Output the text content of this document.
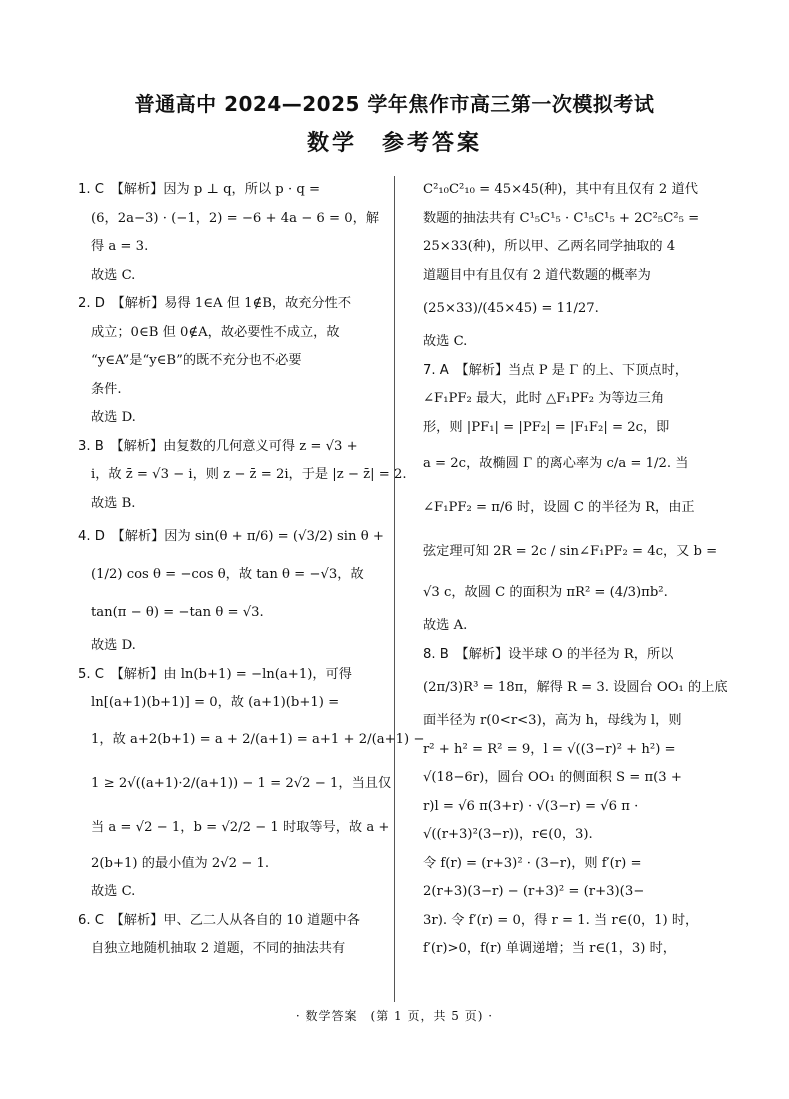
普通高中 2024—2025 学年焦作市高三第一次模拟考试
数学　参考答案
1. C　 【解析】因为 p ⊥ q，所以 p · q =
(6，2a−3) · (−1，2) = −6 + 4a − 6 = 0，解
得 a = 3.
故选 C.
2. D　 【解析】易得 1∈A 但 1∉B，故充分性不
成立；0∈B 但 0∉A，故必要性不成立，故
“y∈A”是“y∈B”的既不充分也不必要
条件.
故选 D.
3. B　 【解析】由复数的几何意义可得 z = √3 +
i，故 z̄ = √3 − i，则 z − z̄ = 2i，于是 |z − z̄| = 2.
故选 B.
4. D　 【解析】因为 sin(θ + π/6) = (√3/2) sin θ +
(1/2) cos θ = −cos θ，故 tan θ = −√3，故
tan(π − θ) = −tan θ = √3.
故选 D.
5. C　 【解析】由 ln(b+1) = −ln(a+1)，可得
ln[(a+1)(b+1)] = 0，故 (a+1)(b+1) =
1，故 a+2(b+1) = a + 2/(a+1) = a+1 + 2/(a+1) −
1 ≥ 2√((a+1)·2/(a+1)) − 1 = 2√2 − 1，当且仅
当 a = √2 − 1，b = √2/2 − 1 时取等号，故 a +
2(b+1) 的最小值为 2√2 − 1.
故选 C.
6. C　 【解析】甲、乙二人从各自的 10 道题中各
自独立地随机抽取 2 道题，不同的抽法共有
C²₁₀C²₁₀ = 45×45(种)，其中有且仅有 2 道代
数题的抽法共有 C¹₅C¹₅ · C¹₅C¹₅ + 2C²₅C²₅ =
25×33(种)，所以甲、乙两名同学抽取的 4
道题目中有且仅有 2 道代数题的概率为
(25×33)/(45×45) = 11/27.
故选 C.
7. A　 【解析】当点 P 是 Γ 的上、下顶点时，
∠F₁PF₂ 最大，此时 △F₁PF₂ 为等边三角
形，则 |PF₁| = |PF₂| = |F₁F₂| = 2c，即
a = 2c，故椭圆 Γ 的离心率为 c/a = 1/2. 当
∠F₁PF₂ = π/6 时，设圆 C 的半径为 R，由正
弦定理可知 2R = 2c / sin∠F₁PF₂ = 4c，又 b =
√3 c，故圆 C 的面积为 πR² = (4/3)πb².
故选 A.
8. B　 【解析】设半球 O 的半径为 R，所以
(2π/3)R³ = 18π，解得 R = 3. 设圆台 OO₁ 的上底
面半径为 r(0<r<3)，高为 h，母线为 l，则
r² + h² = R² = 9，l = √((3−r)² + h²) =
√(18−6r)，圆台 OO₁ 的侧面积 S = π(3 +
r)l = √6 π(3+r) · √(3−r) = √6 π ·
√((r+3)²(3−r))，r∈(0，3).
令 f(r) = (r+3)² · (3−r)，则 f′(r) =
2(r+3)(3−r) − (r+3)² = (r+3)(3−
3r). 令 f′(r) = 0，得 r = 1. 当 r∈(0，1) 时，
f′(r)>0，f(r) 单调递增；当 r∈(1，3) 时，
· 数学答案　(第 1 页，共 5 页) ·
